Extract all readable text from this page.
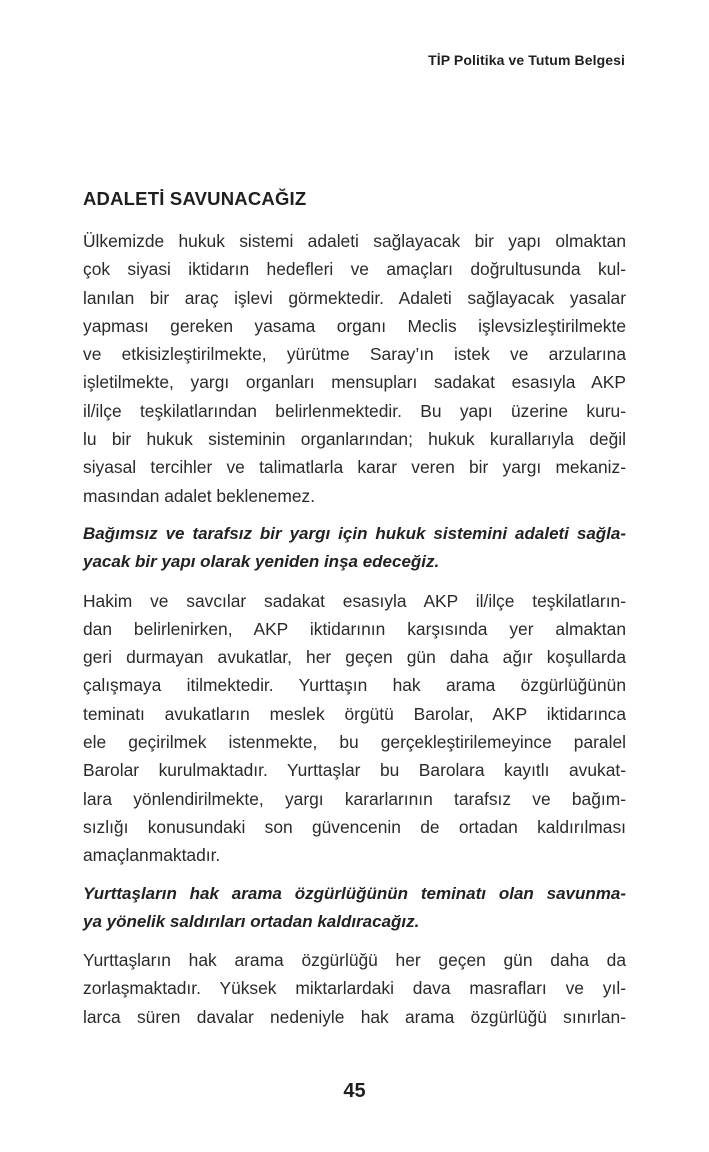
TİP Politika ve Tutum Belgesi
ADALETİ SAVUNACAĞIZ
Ülkemizde hukuk sistemi adaleti sağlayacak bir yapı olmaktan
çok siyasi iktidarın hedefleri ve amaçları doğrultusunda kul-
lanılan bir araç işlevi görmektedir. Adaleti sağlayacak yasalar
yapması gereken yasama organı Meclis işlevsizleştirilmekte
ve etkisizleştirilmekte, yürütme Saray’ın istek ve arzularına
işletilmekte, yargı organları mensupları sadakat esasıyla AKP
il/ilçe teşkilatlarından belirlenmektedir. Bu yapı üzerine kuru-
lu bir hukuk sisteminin organlarından; hukuk kurallarıyla değil
siyasal tercihler ve talimatlarla karar veren bir yargı mekaniz-
masından adalet beklenemez.
Bağımsız ve tarafsız bir yargı için hukuk sistemini adaleti sağla-
yacak bir yapı olarak yeniden inşa edeceğiz.
Hakim ve savcılar sadakat esasıyla AKP il/ilçe teşkilatların-
dan belirlenirken, AKP iktidarının karşısında yer almaktan
geri durmayan avukatlar, her geçen gün daha ağır koşullarda
çalışmaya itilmektedir. Yurttaşın hak arama özgürlüğünün
teminatı avukatların meslek örgütü Barolar, AKP iktidarınca
ele geçirilmek istenmekte, bu gerçekleştirilemeyince paralel
Barolar kurulmaktadır. Yurttaşlar bu Barolara kayıtlı avukat-
lara yönlendirilmekte, yargı kararlarının tarafsız ve bağım-
sızlığı konusundaki son güvencenin de ortadan kaldırılması
amaçlanmaktadır.
Yurttaşların hak arama özgürlüğünün teminatı olan savunma-
ya yönelik saldırıları ortadan kaldıracağız.
Yurttaşların hak arama özgürlüğü her geçen gün daha da
zorlaşmaktadır. Yüksek miktarlardaki dava masrafları ve yıl-
larca süren davalar nedeniyle hak arama özgürlüğü sınırlan-
45
